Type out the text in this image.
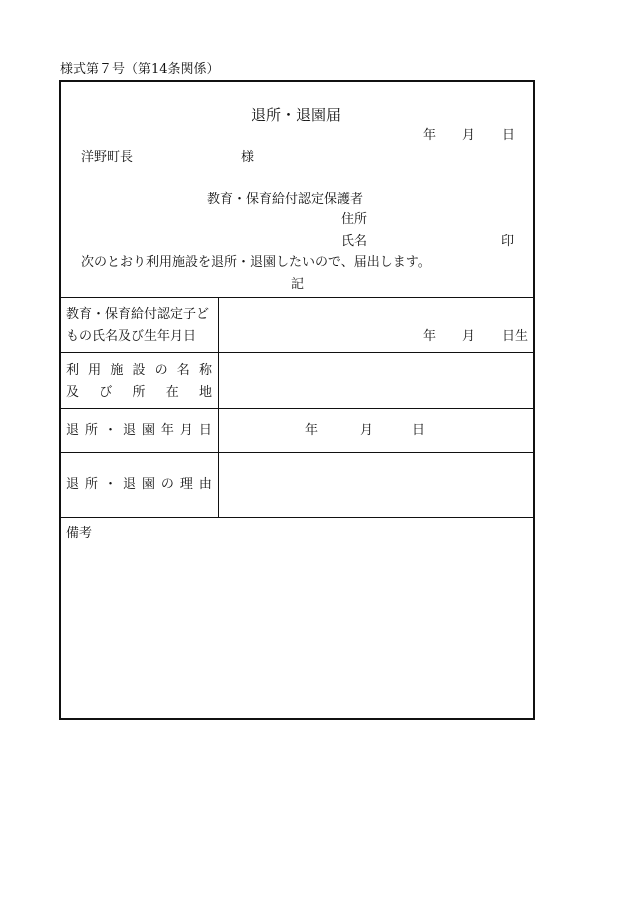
様式第７号（第14条関係）
退所・退園届
年 月 日
洋野町長	様
教育・保育給付認定保護者
住所
氏名	印
次のとおり利用施設を退所・退園したいので、届出します。
記
教育・保育給付認定子ど
もの氏名及び生年月日	年 月 日生
利 用 施 設 の 名 称
及 び 所 在 地
退 所 ・ 退 園 年 月 日	年	月	日
退 所 ・ 退 園 の 理 由
備考
